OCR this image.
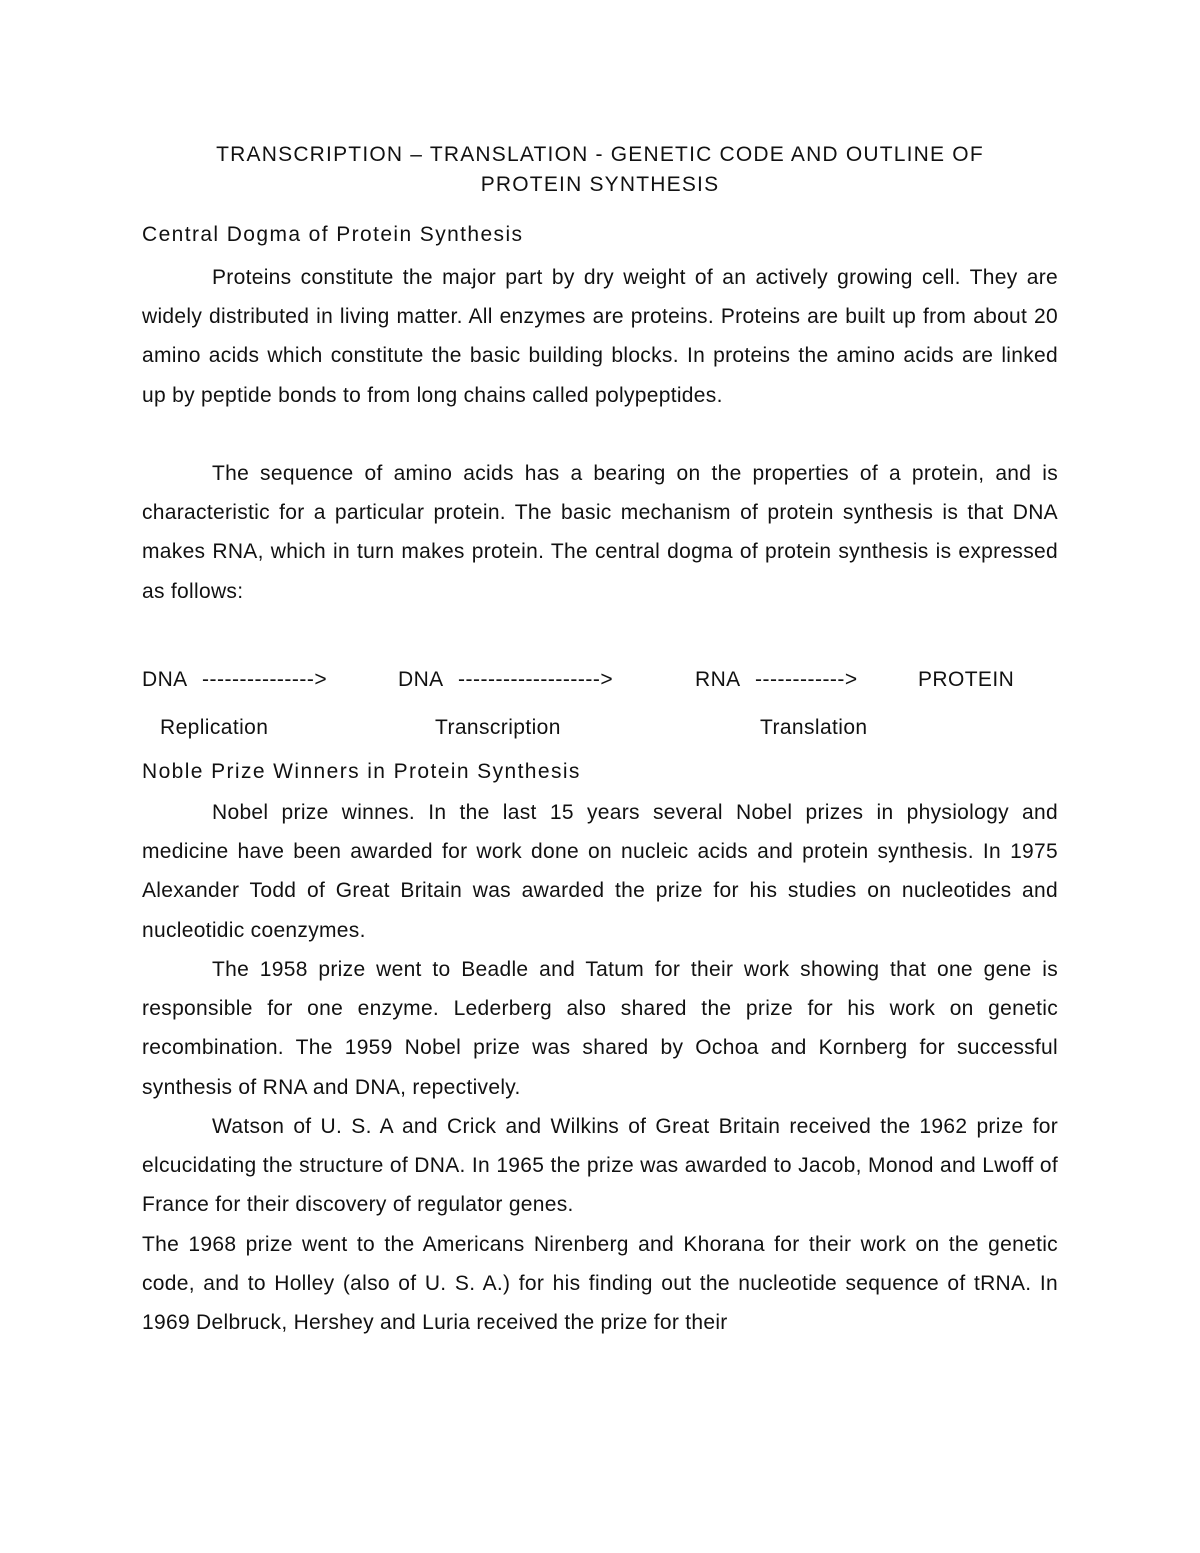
TRANSCRIPTION – TRANSLATION - GENETIC CODE AND OUTLINE OF
PROTEIN SYNTHESIS
Central Dogma of Protein Synthesis

Proteins constitute the major part by dry weight of an actively growing cell. They are widely distributed in living matter. All enzymes are proteins. Proteins are built up from about 20 amino acids which constitute the basic building blocks. In proteins the amino acids are linked up by peptide bonds to from long chains called polypeptides.

The sequence of amino acids has a bearing on the properties of a protein, and is characteristic for a particular protein. The basic mechanism of protein synthesis is that DNA makes RNA, which in turn makes protein. The central dogma of protein synthesis is expressed as follows:

DNA --------------->	DNA ------------------->	RNA ------------>	PROTEIN
Replication	Transcription	Translation
Noble Prize Winners in Protein Synthesis

Nobel prize winnes. In the last 15 years several Nobel prizes in physiology and medicine have been awarded for work done on nucleic acids and protein synthesis. In 1975 Alexander Todd of Great Britain was awarded the prize for his studies on nucleotides and nucleotidic coenzymes.

The 1958 prize went to Beadle and Tatum for their work showing that one gene is responsible for one enzyme. Lederberg also shared the prize for his work on genetic recombination. The 1959 Nobel prize was shared by Ochoa and Kornberg for successful synthesis of RNA and DNA, repectively.

Watson of U. S. A and Crick and Wilkins of Great Britain received the 1962 prize for elcucidating the structure of DNA. In 1965 the prize was awarded to Jacob, Monod and Lwoff of France for their discovery of regulator genes.

The 1968 prize went to the Americans Nirenberg and Khorana for their work on the genetic code, and to Holley (also of U. S. A.) for his finding out the nucleotide sequence of tRNA. In 1969 Delbruck, Hershey and Luria received the prize for their
